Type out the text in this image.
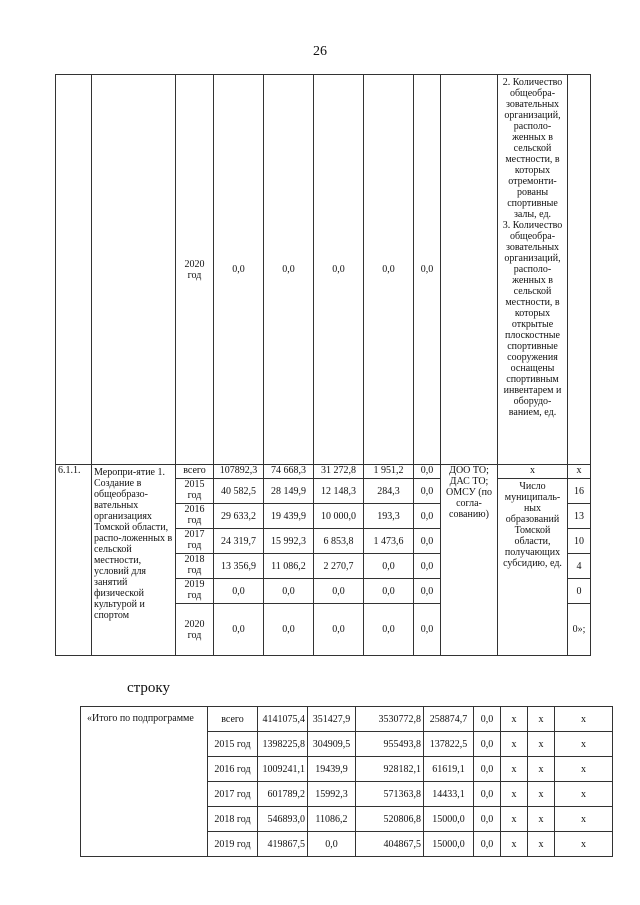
26
		2020 год	0,0	0,0	0,0	0,0	0,0		2. Количество общеобра-зовательных организаций, располо-женных в сельской местности, в которых отремонти-рованы спортивные залы, ед.
3. Количество общеобра-зовательных организаций, располо-женных в сельской местности, в которых открытые плоскостные спортивные сооружения оснащены спортивным инвентарем и оборудо-ванием, ед.	
6.1.1.	Меропри-ятие 1. Создание в общеобразо-вательных организациях Томской области, распо-ложенных в сельской местности, условий для занятий физической культурой и спортом	всего	107892,3	74 668,3	31 272,8	1 951,2	0,0	ДОО ТО; ДАС ТО; ОМСУ (по согла-сованию)	х	х
		2015 год	40 582,5	28 149,9	12 148,3	284,3	0,0		Число муниципаль-ных образований Томской области, получающих субсидию, ед.	16
		2016 год	29 633,2	19 439,9	10 000,0	193,3	0,0			13
		2017 год	24 319,7	15 992,3	6 853,8	1 473,6	0,0			10
		2018 год	13 356,9	11 086,2	2 270,7	0,0	0,0			4
		2019 год	0,0	0,0	0,0	0,0	0,0			0
		2020 год	0,0	0,0	0,0	0,0	0,0			0»;
строку
«Итого по подпрограмме	всего	4141075,4	351427,9	3530772,8	258874,7	0,0	х	х	х
	2015 год	1398225,8	304909,5	955493,8	137822,5	0,0	х	х	х
	2016 год	1009241,1	19439,9	928182,1	61619,1	0,0	х	х	х
	2017 год	601789,2	15992,3	571363,8	14433,1	0,0	х	х	х
	2018 год	546893,0	11086,2	520806,8	15000,0	0,0	х	х	х
	2019 год	419867,5	0,0	404867,5	15000,0	0,0	х	х	х
